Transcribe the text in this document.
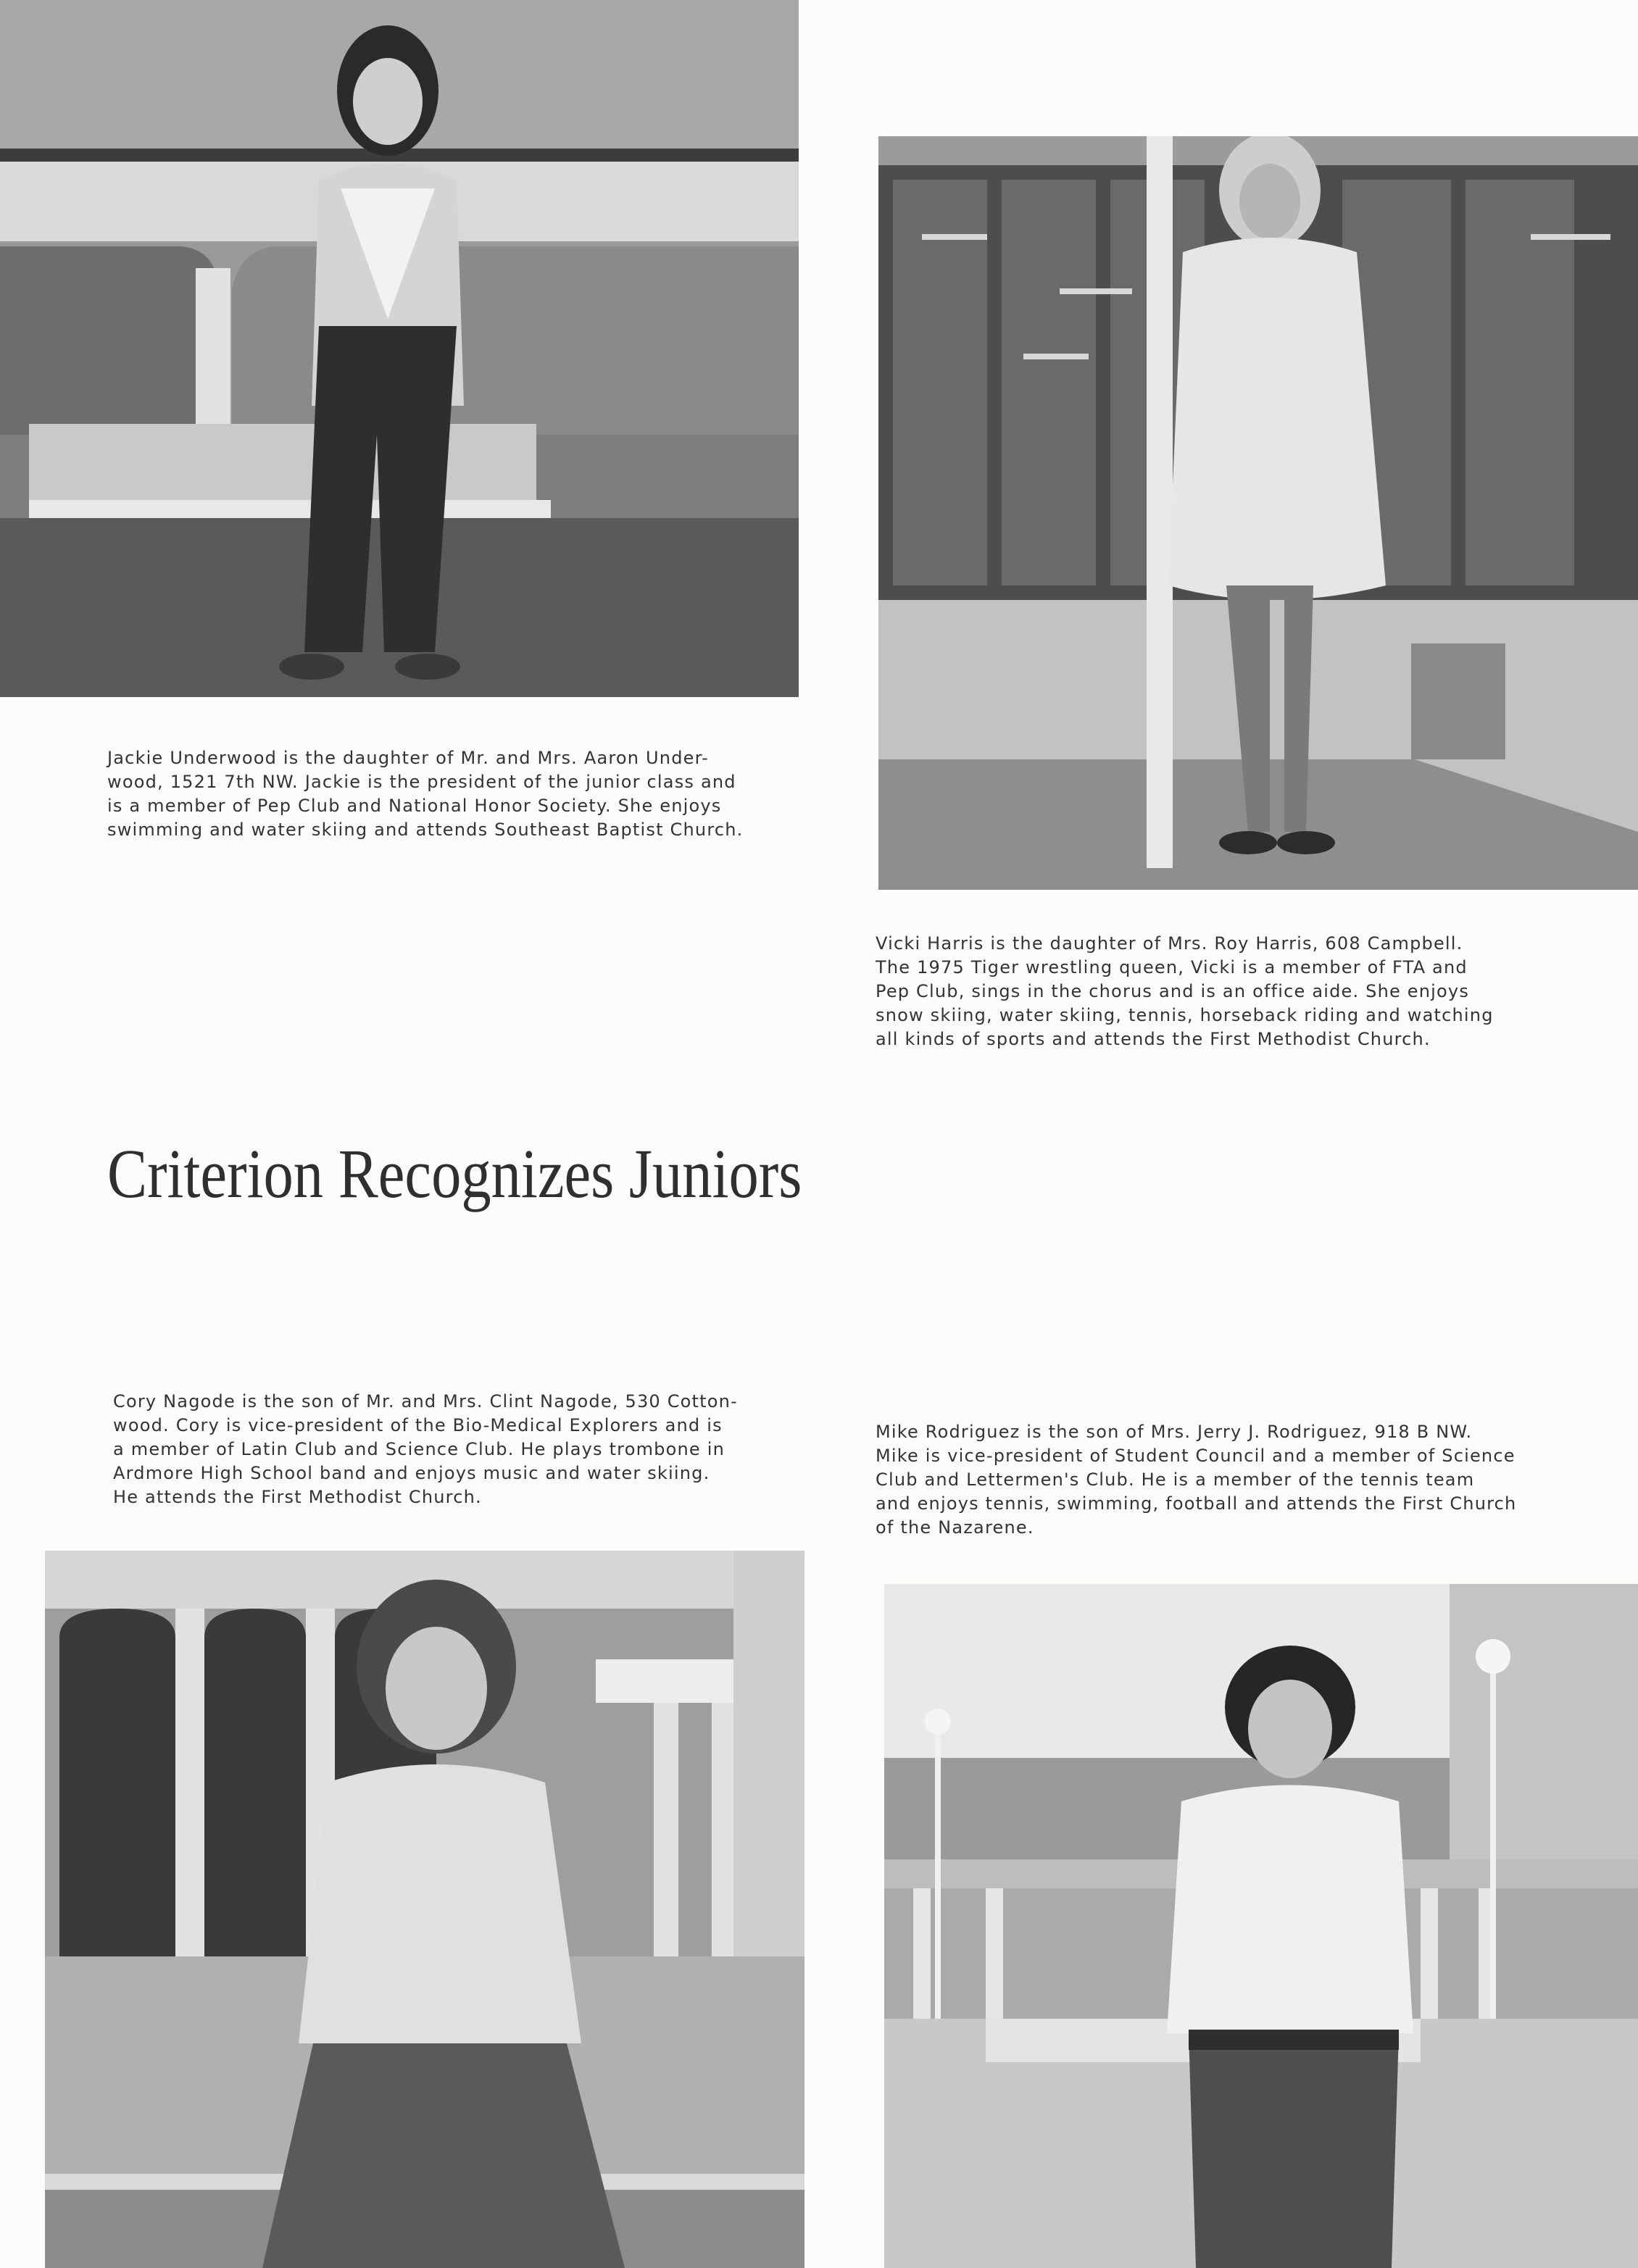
Jackie Underwood is the daughter of Mr. and Mrs. Aaron Under-
wood, 1521 7th NW. Jackie is the president of the junior class and
is a member of Pep Club and National Honor Society. She enjoys
swimming and water skiing and attends Southeast Baptist Church.
Vicki Harris is the daughter of Mrs. Roy Harris, 608 Campbell.
The 1975 Tiger wrestling queen, Vicki is a member of FTA and
Pep Club, sings in the chorus and is an office aide. She enjoys
snow skiing, water skiing, tennis, horseback riding and watching
all kinds of sports and attends the First Methodist Church.
Criterion Recognizes Juniors
Cory Nagode is the son of Mr. and Mrs. Clint Nagode, 530 Cotton-
wood. Cory is vice-president of the Bio-Medical Explorers and is
a member of Latin Club and Science Club. He plays trombone in
Ardmore High School band and enjoys music and water skiing.
He attends the First Methodist Church.
Mike Rodriguez is the son of Mrs. Jerry J. Rodriguez, 918 B NW.
Mike is vice-president of Student Council and a member of Science
Club and Lettermen's Club. He is a member of the tennis team
and enjoys tennis, swimming, football and attends the First Church
of the Nazarene.
